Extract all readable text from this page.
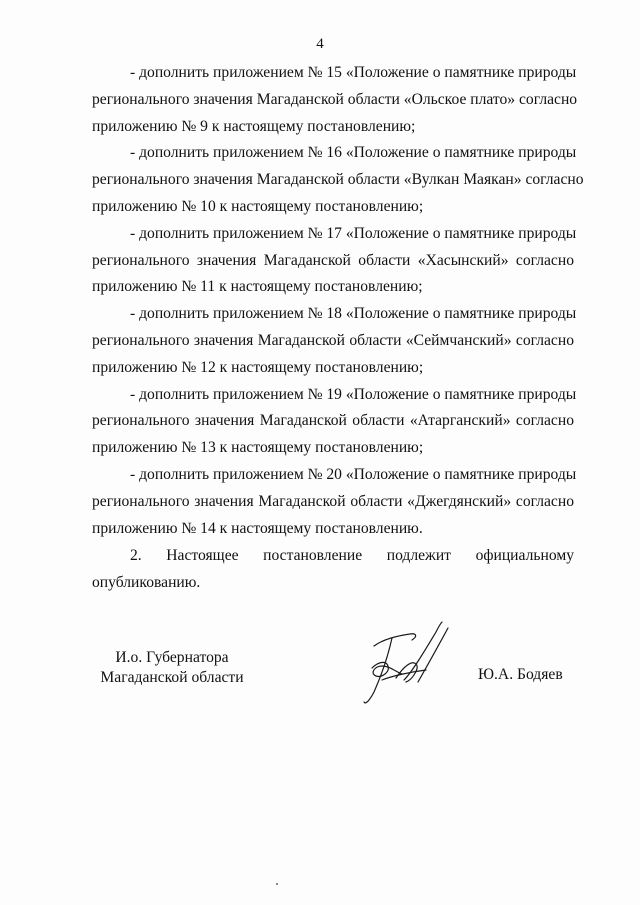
4

- дополнить приложением № 15 «Положение о памятнике природы
регионального значения Магаданской области «Ольское плато» согласно
приложению № 9 к настоящему постановлению;

- дополнить приложением № 16 «Положение о памятнике природы
регионального значения Магаданской области «Вулкан Маякан» согласно
приложению № 10 к настоящему постановлению;

- дополнить приложением № 17 «Положение о памятнике природы
регионального значения Магаданской области «Хасынский» согласно
приложению № 11 к настоящему постановлению;

- дополнить приложением № 18 «Положение о памятнике природы
регионального значения Магаданской области «Сеймчанский» согласно
приложению № 12 к настоящему постановлению;

- дополнить приложением № 19 «Положение о памятнике природы
регионального значения Магаданской области «Атарганский» согласно
приложению № 13 к настоящему постановлению;

- дополнить приложением № 20 «Положение о памятнике природы
регионального значения Магаданской области «Джегдянский» согласно
приложению № 14 к настоящему постановлению.

2. Настоящее постановление подлежит официальному
опубликованию.

И.о. Губернатора
Магаданской области	Ю.А. Бодяев
